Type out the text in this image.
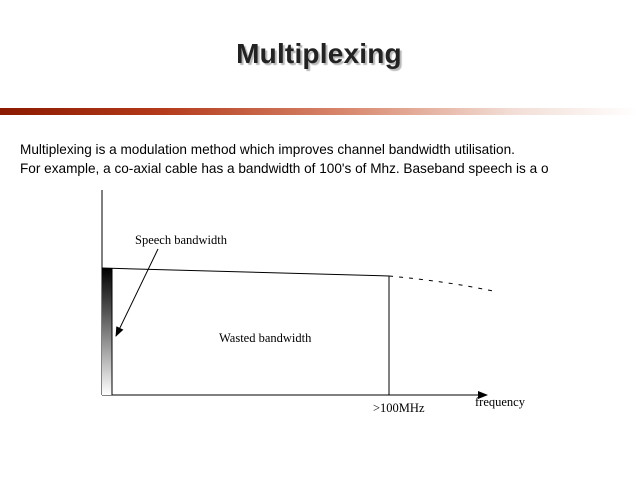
Multiplexing
Multiplexing is a modulation method which improves channel bandwidth utilisation.
For example, a co-axial cable has a bandwidth of 100's of Mhz. Baseband speech is a o
Speech bandwidth
Wasted bandwidth
>100MHz	frequency
